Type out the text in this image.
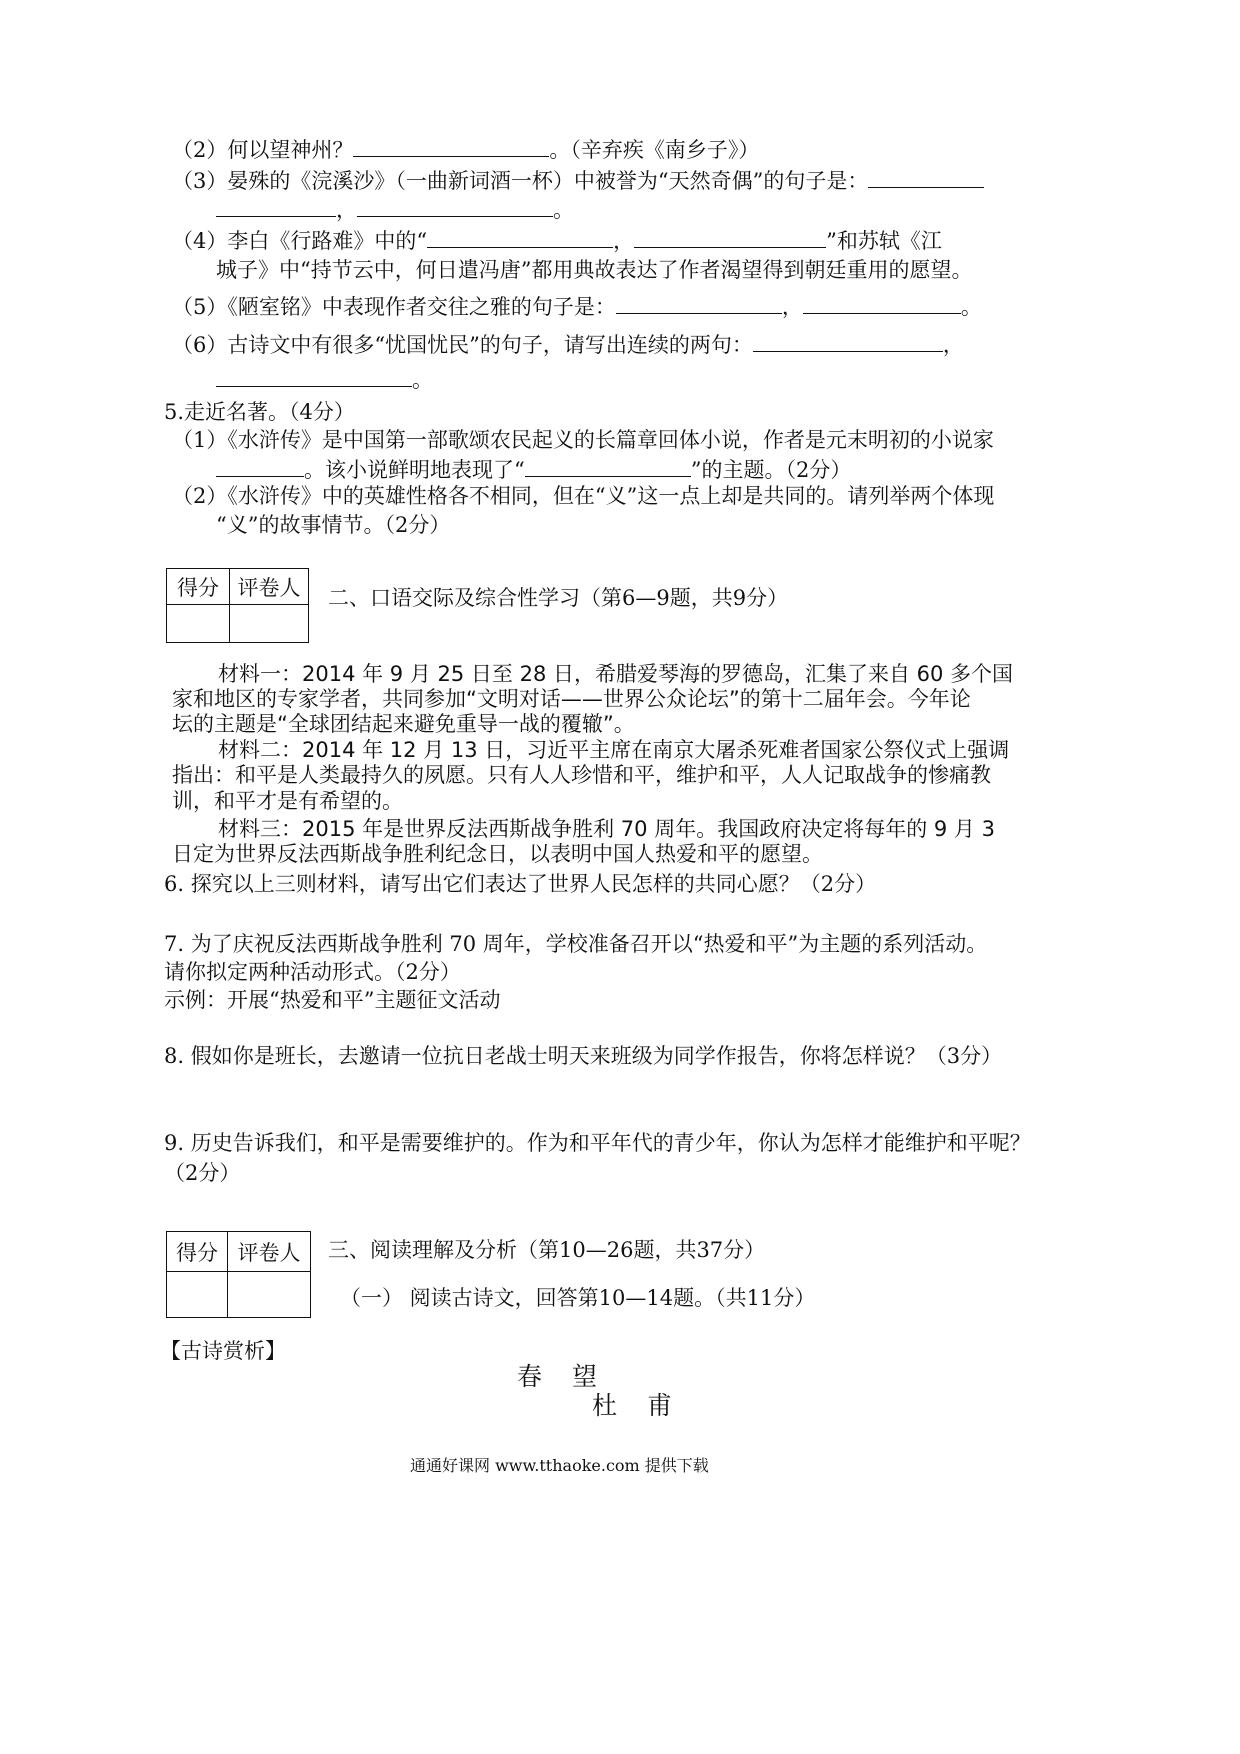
（2）何以望神州？	。（辛弃疾《南乡子》）
（3）晏殊的《浣溪沙》（一曲新词酒一杯）中被誉为“天然奇偶”的句子是：
，	。
（4）李白《行路难》中的“	，	”和苏轼《江
城子》中“持节云中，何日遣冯唐”都用典故表达了作者渴望得到朝廷重用的愿望。
（5）《陋室铭》中表现作者交往之雅的句子是：	，	。
（6）古诗文中有很多“忧国忧民”的句子，请写出连续的两句：	，
。
5.走近名著。（4分）
（1）《水浒传》是中国第一部歌颂农民起义的长篇章回体小说，作者是元末明初的小说家
。该小说鲜明地表现了“	”的主题。（2分）
（2）《水浒传》中的英雄性格各不相同，但在“义”这一点上却是共同的。请列举两个体现
“义”的故事情节。（2分）
得分	评卷人
	二、口语交际及综合性学习（第6—9题，共9分）
材料一：2014 年 9 月 25 日至 28 日，希腊爱琴海的罗德岛，汇集了来自 60 多个国
家和地区的专家学者，共同参加“文明对话——世界公众论坛”的第十二届年会。今年论
坛的主题是“全球团结起来避免重导一战的覆辙”。
材料二：2014 年 12 月 13 日，习近平主席在南京大屠杀死难者国家公祭仪式上强调
指出：和平是人类最持久的夙愿。只有人人珍惜和平，维护和平，人人记取战争的惨痛教
训，和平才是有希望的。
材料三：2015 年是世界反法西斯战争胜利 70 周年。我国政府决定将每年的 9 月 3
日定为世界反法西斯战争胜利纪念日，以表明中国人热爱和平的愿望。
6. 探究以上三则材料，请写出它们表达了世界人民怎样的共同心愿？（2分）
7. 为了庆祝反法西斯战争胜利 70 周年，学校准备召开以“热爱和平”为主题的系列活动。
请你拟定两种活动形式。（2分）
示例：开展“热爱和平”主题征文活动
8. 假如你是班长，去邀请一位抗日老战士明天来班级为同学作报告，你将怎样说？（3分）
9. 历史告诉我们，和平是需要维护的。作为和平年代的青少年，你认为怎样才能维护和平呢？
（2分）
得分	评卷人
	三、阅读理解及分析（第10—26题，共37分）
（一） 阅读古诗文，回答第10—14题。（共11分）
【古诗赏析】
春望
杜甫
通通好课网 www.tthaoke.com 提供下载
